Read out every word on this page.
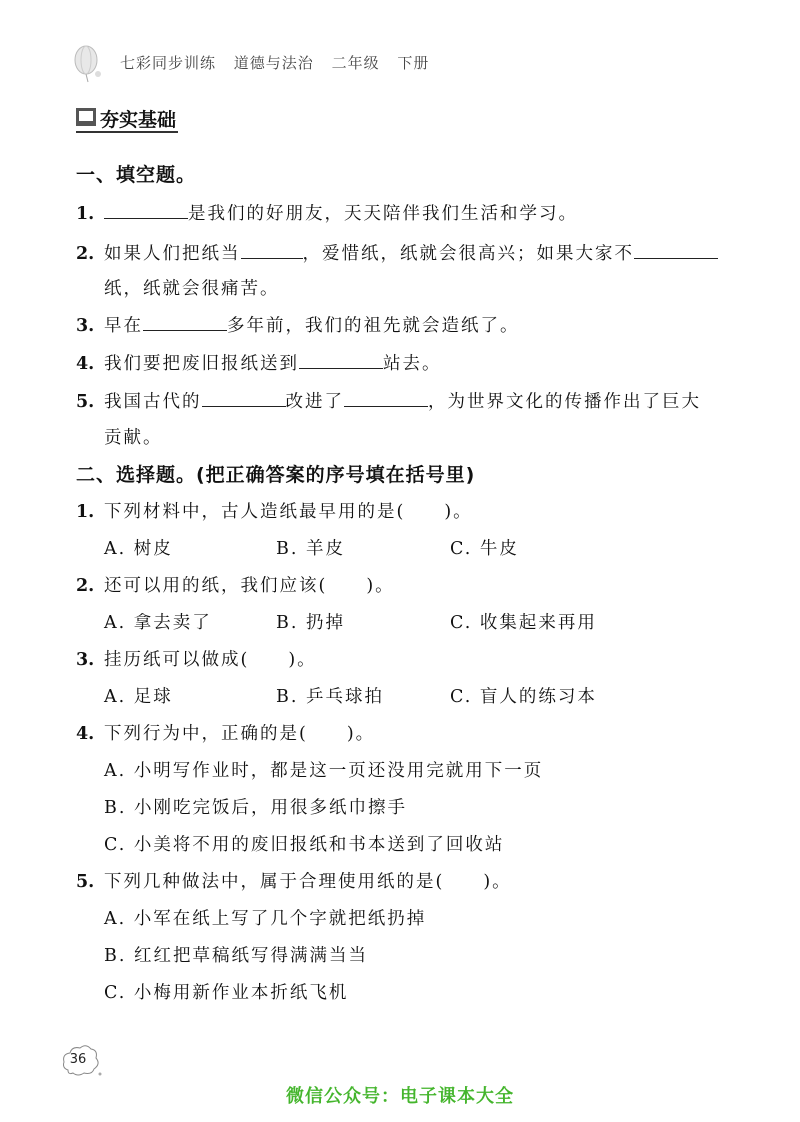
七彩同步训练 道德与法治 二年级 下册
夯实基础
一、填空题。
1.	是我们的好朋友，天天陪伴我们生活和学习。
2. 如果人们把纸当	，爱惜纸，纸就会很高兴；如果大家不
纸，纸就会很痛苦。
3. 早在	多年前，我们的祖先就会造纸了。
4. 我们要把废旧报纸送到	站去。
5. 我国古代的	改进了	，为世界文化的传播作出了巨大
贡献。
二、选择题。(把正确答案的序号填在括号里)
1. 下列材料中，古人造纸最早用的是(　　)。
A. 树皮	B. 羊皮	C. 牛皮
2. 还可以用的纸，我们应该(　　)。
A. 拿去卖了	B. 扔掉	C. 收集起来再用
3. 挂历纸可以做成(　　)。
A. 足球	B. 乒乓球拍	C. 盲人的练习本
4. 下列行为中，正确的是(　　)。
A. 小明写作业时，都是这一页还没用完就用下一页
B. 小刚吃完饭后，用很多纸巾擦手
C. 小美将不用的废旧报纸和书本送到了回收站
5. 下列几种做法中，属于合理使用纸的是(　　)。
A. 小军在纸上写了几个字就把纸扔掉
B. 红红把草稿纸写得满满当当
C. 小梅用新作业本折纸飞机
36
微信公众号：电子课本大全
